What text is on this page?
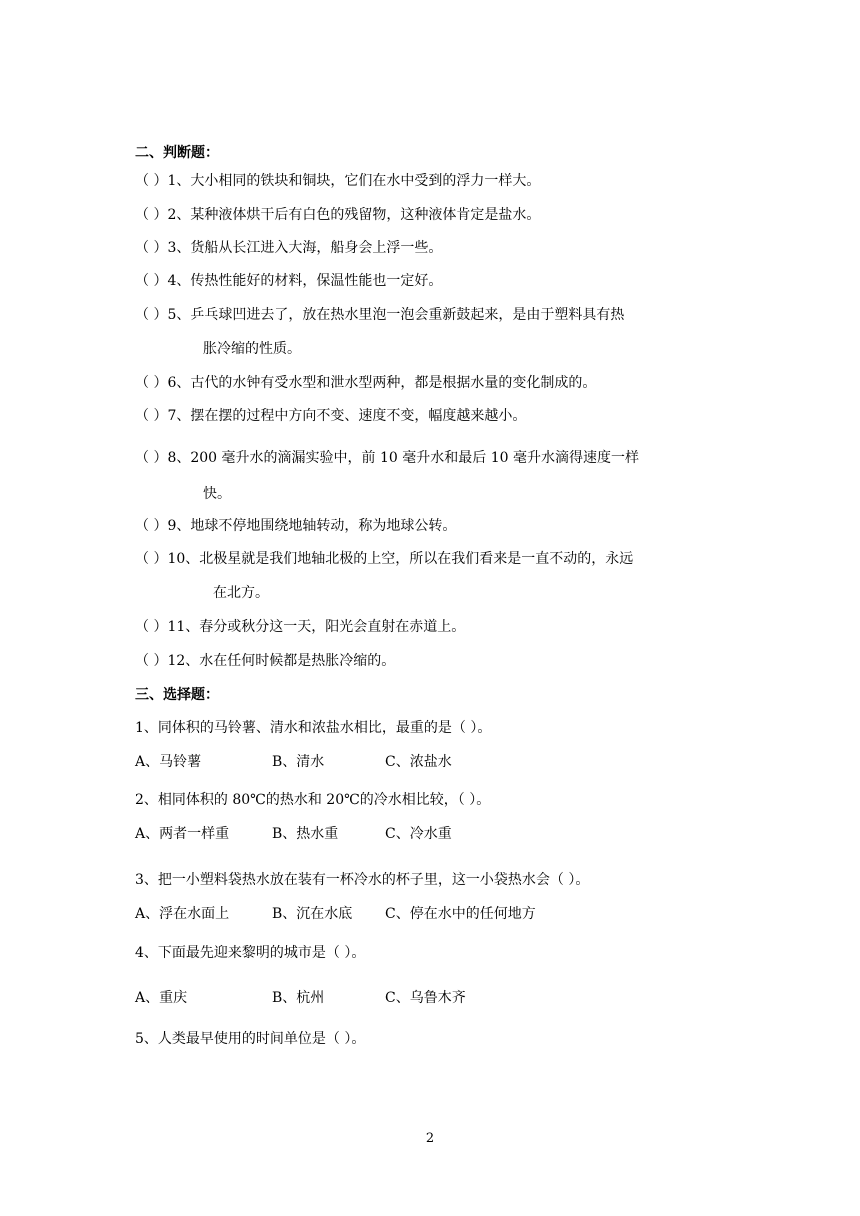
二、判断题：
（ ）1、大小相同的铁块和铜块，它们在水中受到的浮力一样大。
（ ）2、某种液体烘干后有白色的残留物，这种液体肯定是盐水。
（ ）3、货船从长江进入大海，船身会上浮一些。
（ ）4、传热性能好的材料，保温性能也一定好。
（ ）5、乒乓球凹进去了，放在热水里泡一泡会重新鼓起来，是由于塑料具有热
胀冷缩的性质。
（ ）6、古代的水钟有受水型和泄水型两种，都是根据水量的变化制成的。
（ ）7、摆在摆的过程中方向不变、速度不变，幅度越来越小。
（ ）8、200 毫升水的滴漏实验中，前 10 毫升水和最后 10 毫升水滴得速度一样
快。
（ ）9、地球不停地围绕地轴转动，称为地球公转。
（ ）10、北极星就是我们地轴北极的上空，所以在我们看来是一直不动的，永远
在北方。
（ ）11、春分或秋分这一天，阳光会直射在赤道上。
（ ）12、水在任何时候都是热胀冷缩的。
三、选择题：
1、同体积的马铃薯、清水和浓盐水相比，最重的是（ ）。
A、马铃薯	B、清水	C、浓盐水
2、相同体积的 80℃的热水和 20℃的冷水相比较，（ ）。
A、两者一样重	B、热水重	C、冷水重
3、把一小塑料袋热水放在装有一杯冷水的杯子里，这一小袋热水会（ ）。
A、浮在水面上	B、沉在水底 C、停在水中的任何地方
4、下面最先迎来黎明的城市是（ ）。
A、重庆	B、杭州	C、乌鲁木齐
5、人类最早使用的时间单位是（ ）。
2
